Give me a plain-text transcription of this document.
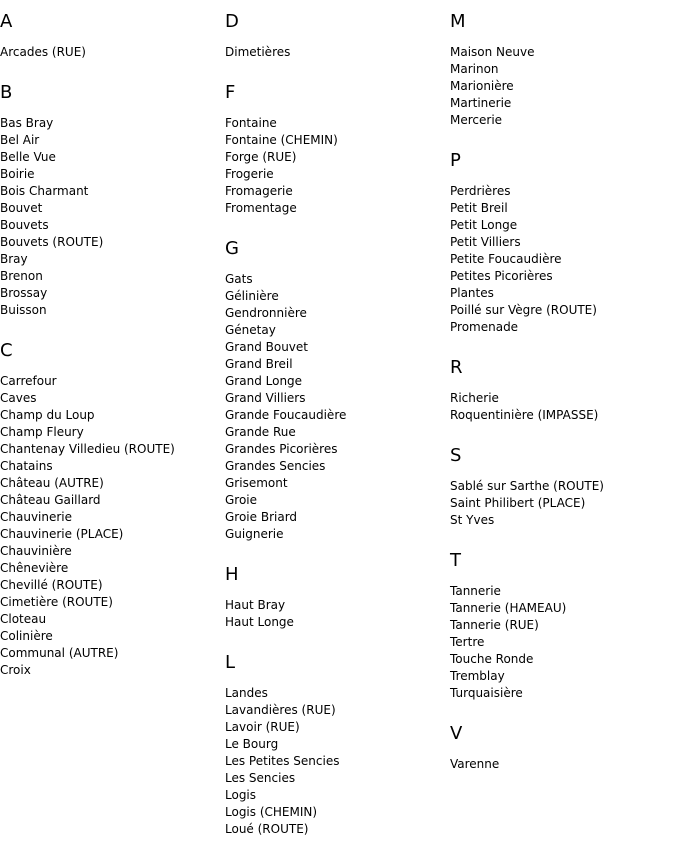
A
Arcades (RUE)
B
Bas Bray
Bel Air
Belle Vue
Boirie
Bois Charmant
Bouvet
Bouvets
Bouvets (ROUTE)
Bray
Brenon
Brossay
Buisson
C
Carrefour
Caves
Champ du Loup
Champ Fleury
Chantenay Villedieu (ROUTE)
Chatains
Château (AUTRE)
Château Gaillard
Chauvinerie
Chauvinerie (PLACE)
Chauvinière
Chênevière
Chevillé (ROUTE)
Cimetière (ROUTE)
Cloteau
Colinière
Communal (AUTRE)
Croix
D
Dimetières
F
Fontaine
Fontaine (CHEMIN)
Forge (RUE)
Frogerie
Fromagerie
Fromentage
G
Gats
Gélinière
Gendronnière
Génetay
Grand Bouvet
Grand Breil
Grand Longe
Grand Villiers
Grande Foucaudière
Grande Rue
Grandes Picorières
Grandes Sencies
Grisemont
Groie
Groie Briard
Guignerie
H
Haut Bray
Haut Longe
L
Landes
Lavandières (RUE)
Lavoir (RUE)
Le Bourg
Les Petites Sencies
Les Sencies
Logis
Logis (CHEMIN)
Loué (ROUTE)
M
Maison Neuve
Marinon
Marionière
Martinerie
Mercerie
P
Perdrières
Petit Breil
Petit Longe
Petit Villiers
Petite Foucaudière
Petites Picorières
Plantes
Poillé sur Vègre (ROUTE)
Promenade
R
Richerie
Roquentinière (IMPASSE)
S
Sablé sur Sarthe (ROUTE)
Saint Philibert (PLACE)
St Yves
T
Tannerie
Tannerie (HAMEAU)
Tannerie (RUE)
Tertre
Touche Ronde
Tremblay
Turquaisière
V
Varenne
